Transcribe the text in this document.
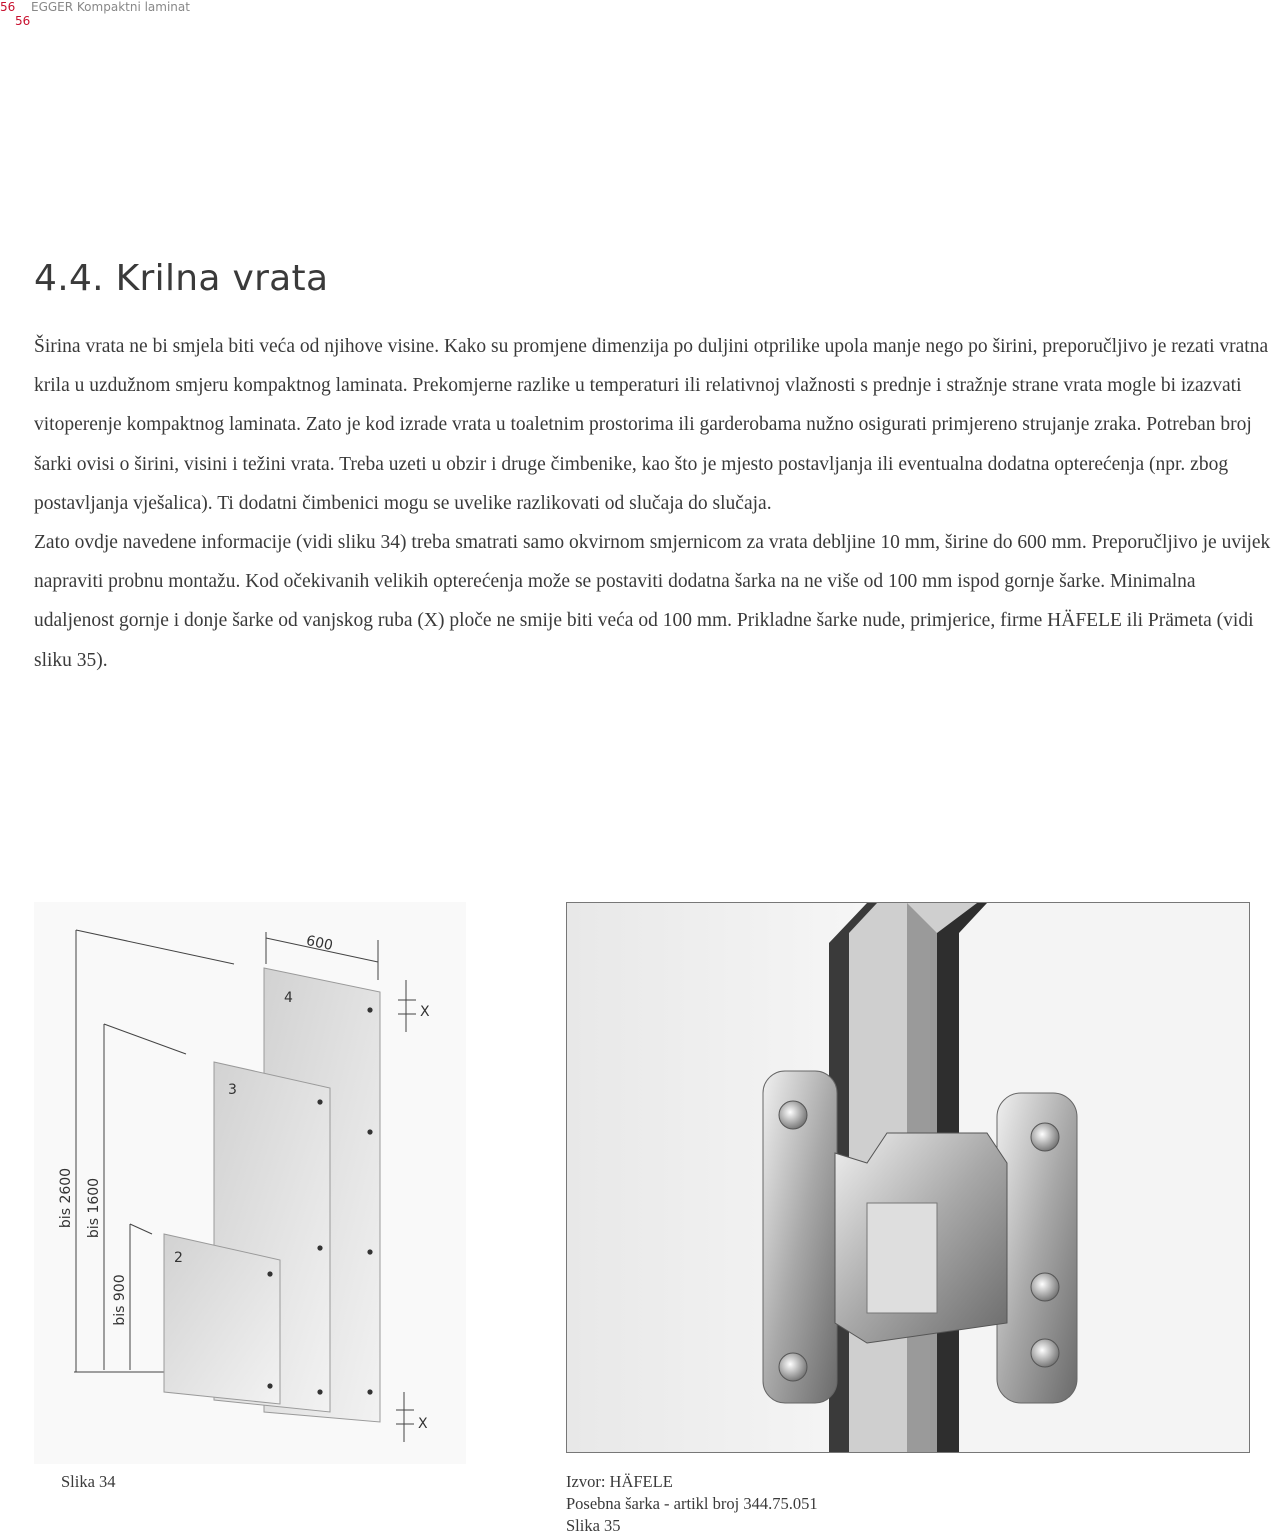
56
56
EGGER Kompaktni laminat
4.4. Krilna vrata

Širina vrata ne bi smjela biti veća od njihove visine. Kako su promjene dimenzija po duljini otprilike upola manje nego po širini, preporučljivo je rezati vratna krila u uzdužnom smjeru kompaktnog laminata. Prekomjerne razlike u temperaturi ili relativnoj vlažnosti s prednje i stražnje strane vrata mogle bi izazvati vitoperenje kompaktnog laminata. Zato je kod izrade vrata u toaletnim prostorima ili garderobama nužno osigurati primjereno strujanje zraka. Potreban broj šarki ovisi o širini, visini i težini vrata. Treba uzeti u obzir i druge čimbenike, kao što je mjesto postavljanja ili eventualna dodatna opterećenja (npr. zbog postavljanja vješalica). Ti dodatni čimbenici mogu se uvelike razlikovati od slučaja do slučaja.

Zato ovdje navedene informacije (vidi sliku 34) treba smatrati samo okvirnom smjernicom za vrata debljine 10 mm, širine do 600 mm. Preporučljivo je uvijek napraviti probnu montažu. Kod očekivanih velikih opterećenja može se postaviti dodatna šarka na ne više od 100 mm ispod gornje šarke. Minimalna udaljenost gornje i donje šarke od vanjskog ruba (X) ploče ne smije biti veća od 100 mm. Prikladne šarke nude, primjerice, firme HÄFELE ili Prämeta (vidi sliku 35).

4
3
2
600
X
X
bis 2600 bis 1600
bis 900
Slika 34	Izvor: HÄFELE
Posebna šarka - artikl broj 344.75.051
Slika 35
